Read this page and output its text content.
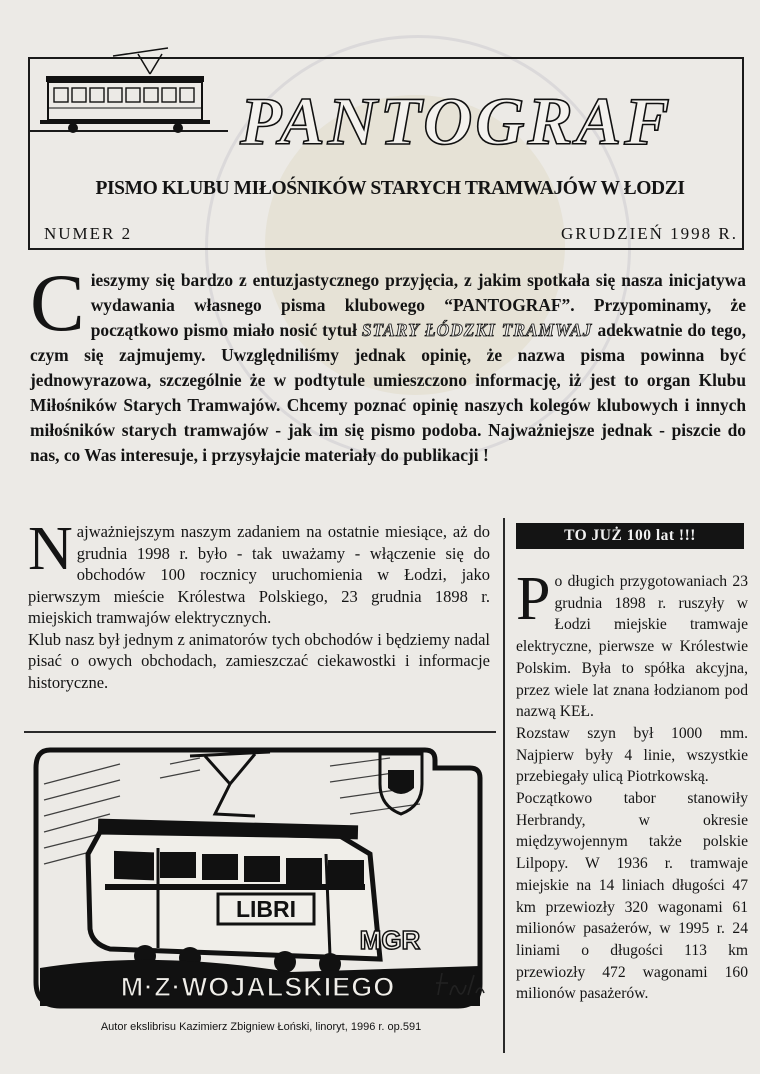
PANTOGRAF
PISMO KLUBU MIŁOŚNIKÓW STARYCH TRAMWAJÓW W ŁODZI
NUMER 2	GRUDZIEŃ 1998 R.
Cieszymy się bardzo z entuzjastycznego przyjęcia, z jakim spotkała się nasza inicjatywa wydawania własnego pisma klubowego “PANTOGRAF”. Przypominamy, że początkowo pismo miało nosić tytuł STARY ŁÓDZKI TRAMWAJ adekwatnie do tego, czym się zajmujemy. Uwzględniliśmy jednak opinię, że nazwa pisma powinna być jednowyrazowa, szczególnie że w podtytule umieszczono informację, iż jest to organ Klubu Miłośników Starych Tramwajów. Chcemy poznać opinię naszych kolegów klubowych i innych miłośników starych tramwajów - jak im się pismo podoba. Najważniejsze jednak - piszcie do nas, co Was interesuje, i przysyłajcie materiały do publikacji !
Najważniejszym naszym zadaniem na ostatnie miesiące, aż do grudnia 1998 r. było - tak uważamy - włączenie się do obchodów 100 rocznicy uruchomienia w Łodzi, jako pierwszym mieście Królestwa Polskiego, 23 grudnia 1898 r. miejskich tramwajów elektrycznych.
Klub nasz był jednym z animatorów tych obchodów i będziemy nadal pisać o owych obchodach, zamieszczać ciekawostki i informacje historyczne.
TO JUŻ 100 lat !!!
Po długich przygotowaniach 23 grudnia 1898 r. ruszyły w Łodzi miejskie tramwaje elektryczne, pierwsze w Królestwie Polskim. Była to spółka akcyjna, przez wiele lat znana łodzianom pod nazwą KEŁ.
Rozstaw szyn był 1000 mm. Najpierw były 4 linie, wszystkie przebiegały ulicą Piotrkowską.
Początkowo tabor stanowiły Herbrandy, w okresie międzywojennym także polskie Lilpopy. W 1936 r. tramwaje miejskie na 14 liniach długości 47 km przewiozły 320 wagonami 61 milionów pasażerów, w 1995 r. 24 liniami o długości 113 km przewiozły 472 wagonami 160 milionów pasażerów.
LIBRI
MGR
M·Z·WOJALSKIEGO
Autor ekslibrisu Kazimierz Zbigniew Łoński, linoryt, 1996 r. op.591
